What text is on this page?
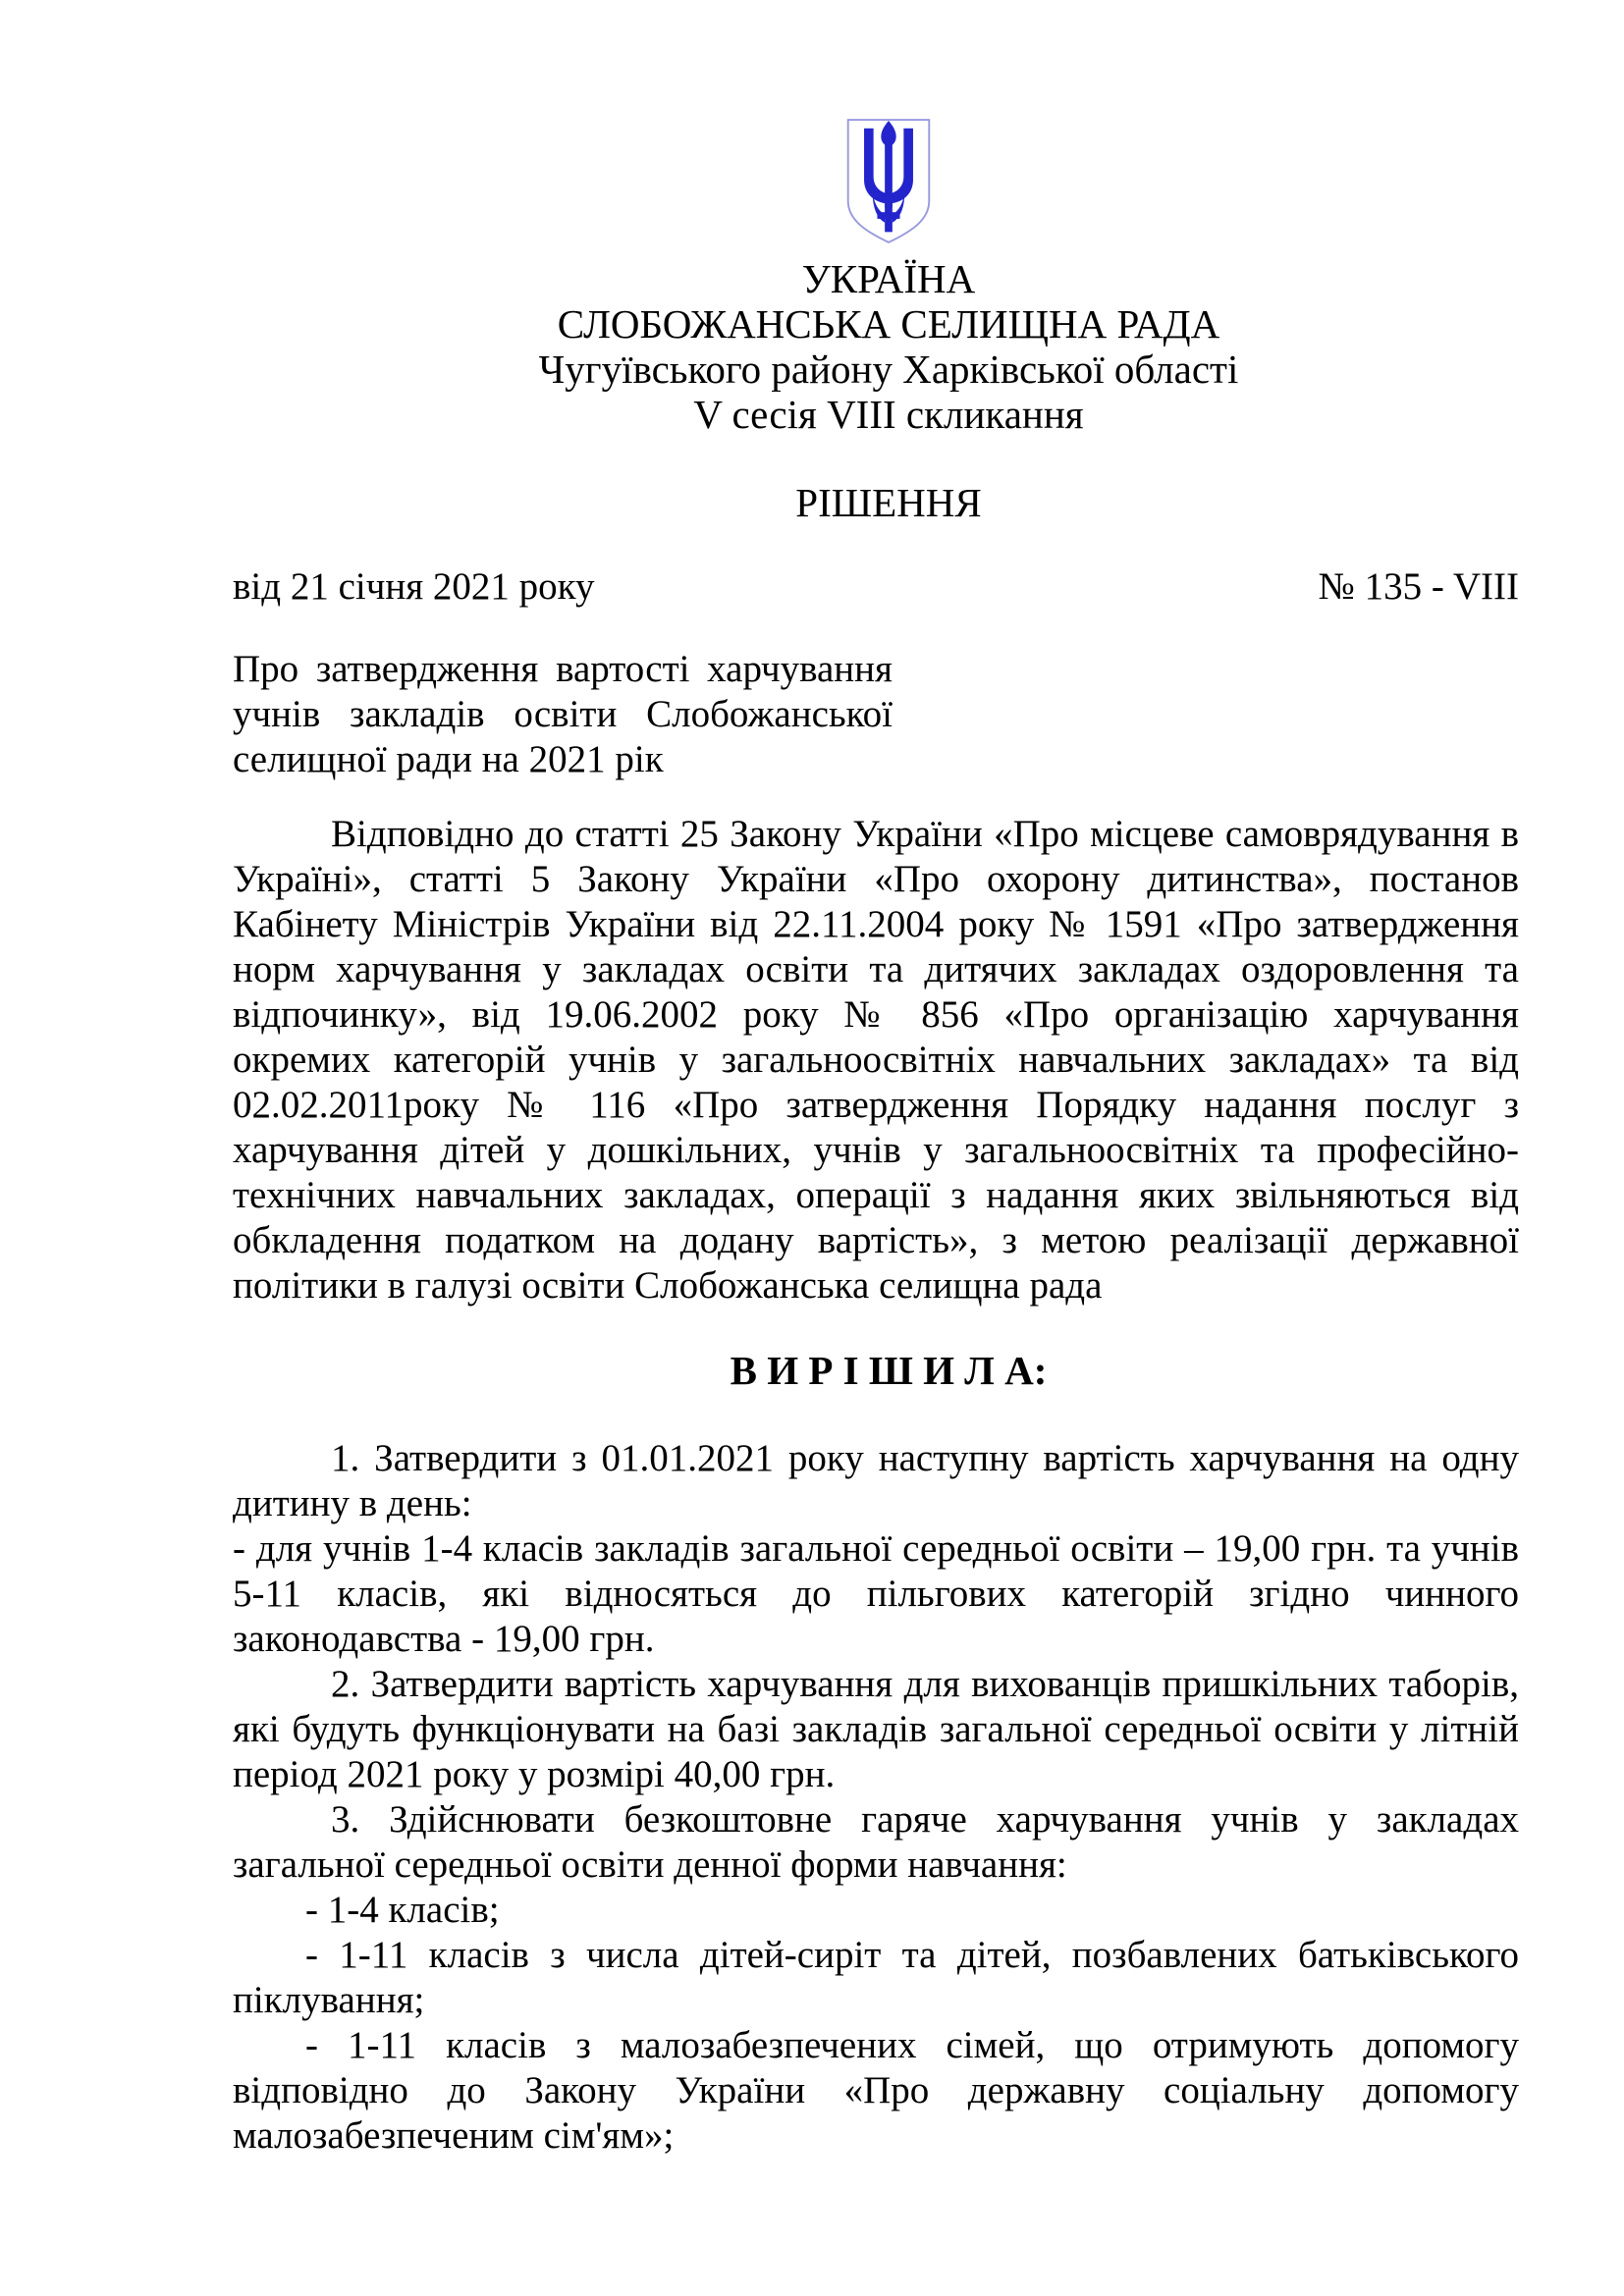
УКРАЇНА
СЛОБОЖАНСЬКА СЕЛИЩНА РАДА
Чугуївського району Харківської області
V сесія VIII скликання
РІШЕННЯ
від 21 січня 2021 року	№ 135 - VIII
Про затвердження вартості харчування учнів закладів освіти Слобожанської селищної ради на 2021 рік

Відповідно до статті 25 Закону України «Про місцеве самоврядування в Україні», статті 5 Закону України «Про охорону дитинства», постанов Кабінету Міністрів України від 22.11.2004 року № 1591 «Про затвердження норм харчування у закладах освіти та дитячих закладах оздоровлення та відпочинку», від 19.06.2002 року № 856 «Про організацію харчування окремих категорій учнів у загальноосвітніх навчальних закладах» та від 02.02.2011року № 116 «Про затвердження Порядку надання послуг з харчування дітей у дошкільних, учнів у загальноосвітніх та професійно-технічних навчальних закладах, операції з надання яких звільняються від обкладення податком на додану вартість», з метою реалізації державної політики в галузі освіти Слобожанська селищна рада

В И Р І Ш И Л А:

1. Затвердити з 01.01.2021 року наступну вартість харчування на одну дитину в день:

- для учнів 1-4 класів закладів загальної середньої освіти – 19,00 грн. та учнів 5-11 класів, які відносяться до пільгових категорій згідно чинного законодавства - 19,00 грн.

2. Затвердити вартість харчування для вихованців пришкільних таборів, які будуть функціонувати на базі закладів загальної середньої освіти у літній період 2021 року у розмірі 40,00 грн.

3. Здійснювати безкоштовне гаряче харчування учнів у закладах загальної середньої освіти денної форми навчання:

- 1-4 класів;

- 1-11 класів з числа дітей-сиріт та дітей, позбавлених батьківського піклування;

- 1-11 класів з малозабезпечених сімей, що отримують допомогу відповідно до Закону України «Про державну соціальну допомогу малозабезпеченим сім'ям»;
